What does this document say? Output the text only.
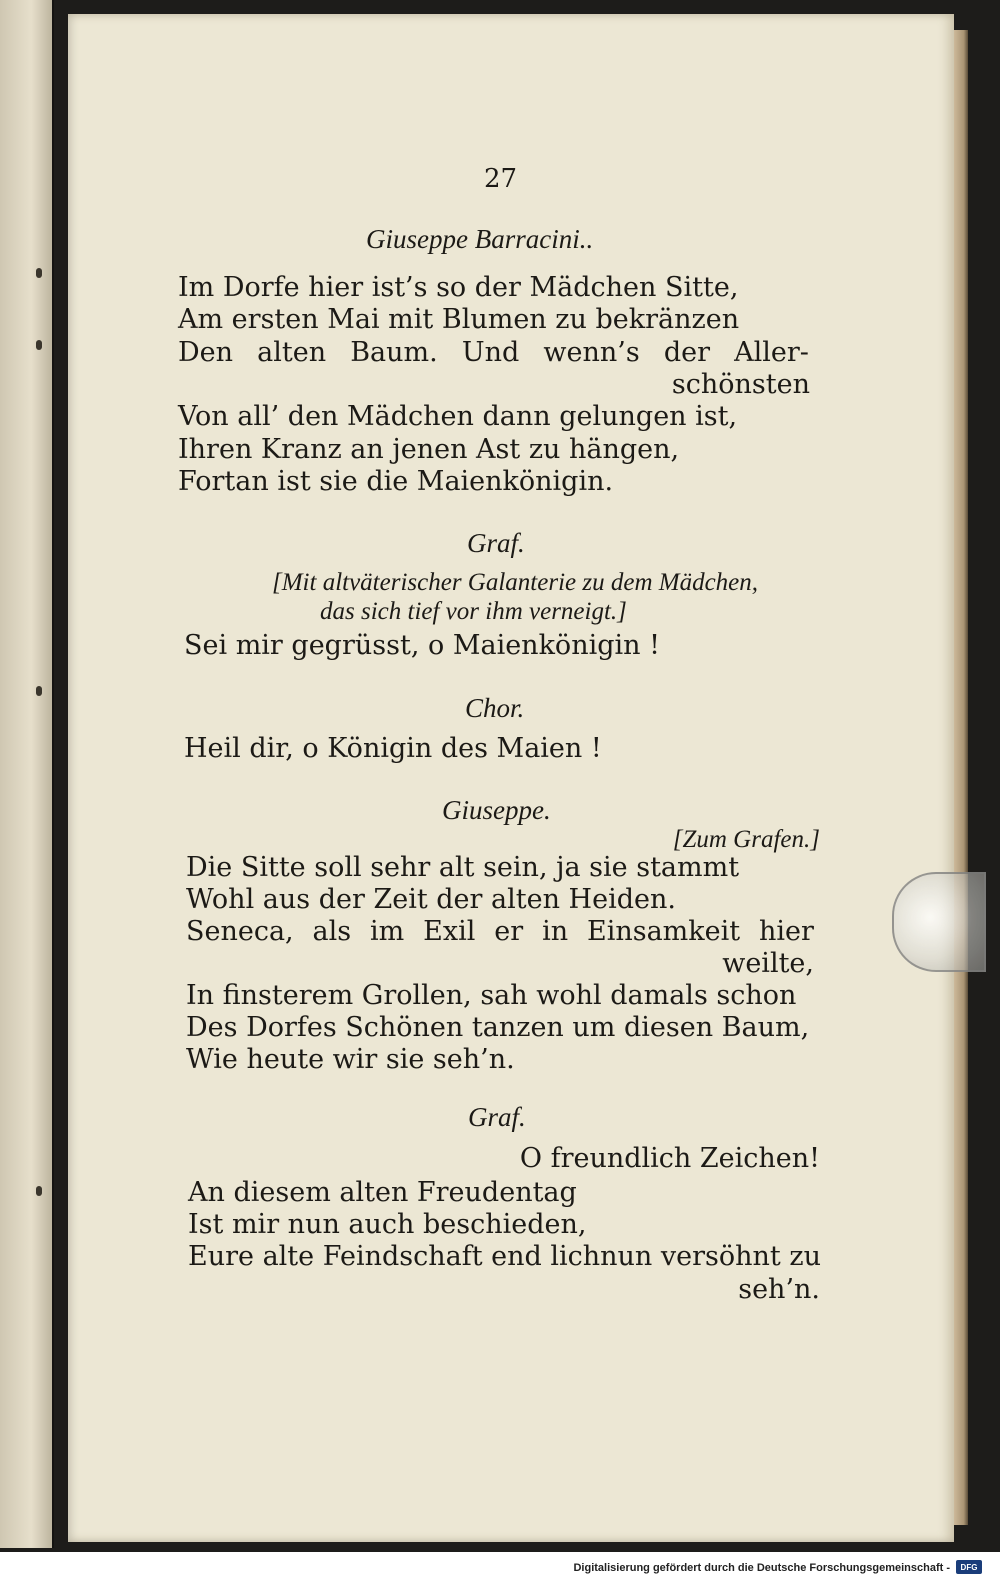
27
Giuseppe Barracini..
Im Dorfe hier ist’s so der Mädchen Sitte,
Am ersten Mai mit Blumen zu bekränzen
Den alten Baum. Und wenn’s der Aller-
schönsten
Von all’ den Mädchen dann gelungen ist,
Ihren Kranz an jenen Ast zu hängen,
Fortan ist sie die Maienkönigin.
Graf.
[Mit altväterischer Galanterie zu dem Mädchen,
das sich tief vor ihm verneigt.]
Sei mir gegrüsst, o Maienkönigin !
Chor.
Heil dir, o Königin des Maien !
Giuseppe.
[Zum Grafen.]
Die Sitte soll sehr alt sein, ja sie stammt
Wohl aus der Zeit der alten Heiden.
Seneca, als im Exil er in Einsamkeit hier
weilte,
In finsterem Grollen, sah wohl damals schon
Des Dorfes Schönen tanzen um diesen Baum,
Wie heute wir sie seh’n.
Graf.
O freundlich Zeichen!
An diesem alten Freudentag
Ist mir nun auch beschieden,
Eure alte Feindschaft end lichnun versöhnt zu
seh’n.
Digitalisierung gefördert durch die Deutsche Forschungsgemeinschaft -	DFG
